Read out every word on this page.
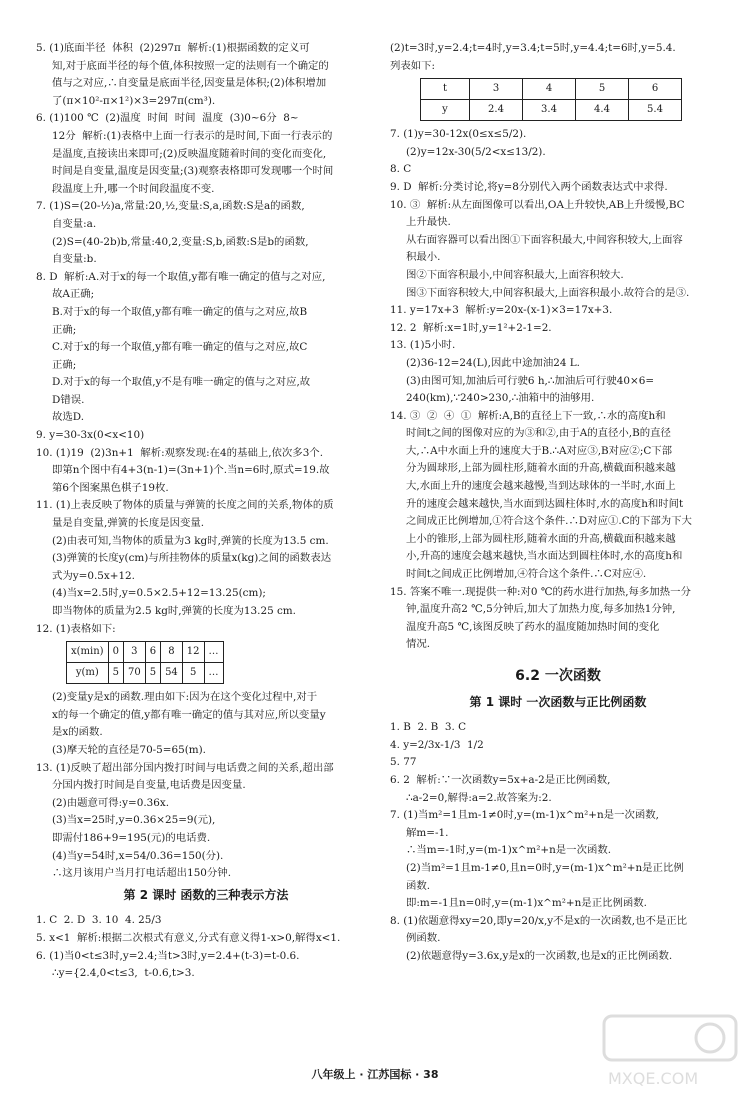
5. (1)底面半径  体积  (2)297π  解析:(1)根据函数的定义可
知,对于底面半径的每个值,体积按照一定的法则有一个确定的
值与之对应,∴自变量是底面半径,因变量是体积;(2)体积增加
了(π×10²-π×1²)×3=297π(cm³).
6. (1)100 ℃  (2)温度  时间  时间  温度  (3)0~6分  8~
12分  解析:(1)表格中上面一行表示的是时间,下面一行表示的
是温度,直接读出来即可;(2)反映温度随着时间的变化而变化,
时间是自变量,温度是因变量;(3)观察表格即可发现哪一个时间
段温度上升,哪一个时间段温度不变.
7. (1)S=(20-½)a,常量:20,½,变量:S,a,函数:S是a的函数,
自变量:a.
(2)S=(40-2b)b,常量:40,2,变量:S,b,函数:S是b的函数,
自变量:b.
8. D  解析:A.对于x的每一个取值,y都有唯一确定的值与之对应,
故A正确;
B.对于x的每一个取值,y都有唯一确定的值与之对应,故B
正确;
C.对于x的每一个取值,y都有唯一确定的值与之对应,故C
正确;
D.对于x的每一个取值,y不是有唯一确定的值与之对应,故
D错误.
故选D.
9. y=30-3x(0<x<10)
10. (1)19  (2)3n+1  解析:观察发现:在4的基础上,依次多3个.
即第n个图中有4+3(n-1)=(3n+1)个.当n=6时,原式=19.故
第6个图案黑色棋子19枚.
11. (1)上表反映了物体的质量与弹簧的长度之间的关系,物体的质
量是自变量,弹簧的长度是因变量.
(2)由表可知,当物体的质量为3 kg时,弹簧的长度为13.5 cm.
(3)弹簧的长度y(cm)与所挂物体的质量x(kg)之间的函数表达
式为y=0.5x+12.
(4)当x=2.5时,y=0.5×2.5+12=13.25(cm);
即当物体的质量为2.5 kg时,弹簧的长度为13.25 cm.
12. (1)表格如下:
x(min)	0	3	6	8	12	…
y(m)	5	70	5	54	5	…
(2)变量y是x的函数.理由如下:因为在这个变化过程中,对于
x的每一个确定的值,y都有唯一确定的值与其对应,所以变量y
是x的函数.
(3)摩天轮的直径是70-5=65(m).
13. (1)反映了超出部分国内拨打时间与电话费之间的关系,超出部
分国内拨打时间是自变量,电话费是因变量.
(2)由题意可得:y=0.36x.
(3)当x=25时,y=0.36×25=9(元),
即需付186+9=195(元)的电话费.
(4)当y=54时,x=54/0.36=150(分).
∴这月该用户当月打电话超出150分钟.
第 2 课时 函数的三种表示方法
1. C  2. D  3. 10  4. 25/3
5. x<1  解析:根据二次根式有意义,分式有意义得1-x>0,解得x<1.
6. (1)当0<t≤3时,y=2.4;当t>3时,y=2.4+(t-3)=t-0.6.
∴y={2.4,0<t≤3,  t-0.6,t>3.
(2)t=3时,y=2.4;t=4时,y=3.4;t=5时,y=4.4;t=6时,y=5.4.
列表如下:
t	3	4	5	6
y	2.4	3.4	4.4	5.4
7. (1)y=30-12x(0≤x≤5/2).
(2)y=12x-30(5/2<x≤13/2).
8. C
9. D  解析:分类讨论,将y=8分别代入两个函数表达式中求得.
10. ③  解析:从左面图像可以看出,OA上升较快,AB上升缓慢,BC
上升最快.
从右面容器可以看出图①下面容积最大,中间容积较大,上面容
积最小.
图②下面容积最小,中间容积最大,上面容积较大.
图③下面容积较大,中间容积最大,上面容积最小.故符合的是③.
11. y=17x+3  解析:y=20x-(x-1)×3=17x+3.
12. 2  解析:x=1时,y=1²+2-1=2.
13. (1)5小时.
(2)36-12=24(L),因此中途加油24 L.
(3)由图可知,加油后可行驶6 h,∴加油后可行驶40×6=
240(km),∵240>230,∴油箱中的油够用.
14. ③  ②  ④  ①  解析:A,B的直径上下一致,∴水的高度h和
时间t之间的图像对应的为③和②,由于A的直径小,B的直径
大,∴A中水面上升的速度大于B.∴A对应③,B对应②;C下部
分为圆球形,上部为圆柱形,随着水面的升高,横截面积越来越
大,水面上升的速度会越来越慢,当到达球体的一半时,水面上
升的速度会越来越快,当水面到达圆柱体时,水的高度h和时间t
之间成正比例增加,①符合这个条件.∴D对应①.C的下部为下大
上小的锥形,上部为圆柱形,随着水面的升高,横截面积越来越
小,升高的速度会越来越快,当水面达到圆柱体时,水的高度h和
时间t之间成正比例增加,④符合这个条件.∴C对应④.
15. 答案不唯一.现提供一种:对0 ℃的药水进行加热,每多加热一分
钟,温度升高2 ℃,5分钟后,加大了加热力度,每多加热1分钟,
温度升高5 ℃,该图反映了药水的温度随加热时间的变化
情况.
6.2 一次函数
第 1 课时 一次函数与正比例函数
1. B  2. B  3. C
4. y=2/3x-1/3  1/2
5. 77
6. 2  解析:∵一次函数y=5x+a-2是正比例函数,
∴a-2=0,解得:a=2.故答案为:2.
7. (1)当m²=1且m-1≠0时,y=(m-1)x^m²+n是一次函数,
解m=-1.
∴当m=-1时,y=(m-1)x^m²+n是一次函数.
(2)当m²=1且m-1≠0,且n=0时,y=(m-1)x^m²+n是正比例
函数.
即:m=-1且n=0时,y=(m-1)x^m²+n是正比例函数.
8. (1)依题意得xy=20,即y=20/x,y不是x的一次函数,也不是正比
例函数.
(2)依题意得y=3.6x,y是x的一次函数,也是x的正比例函数.
八年级上 · 江苏国标 · 38	MXQE.COM
